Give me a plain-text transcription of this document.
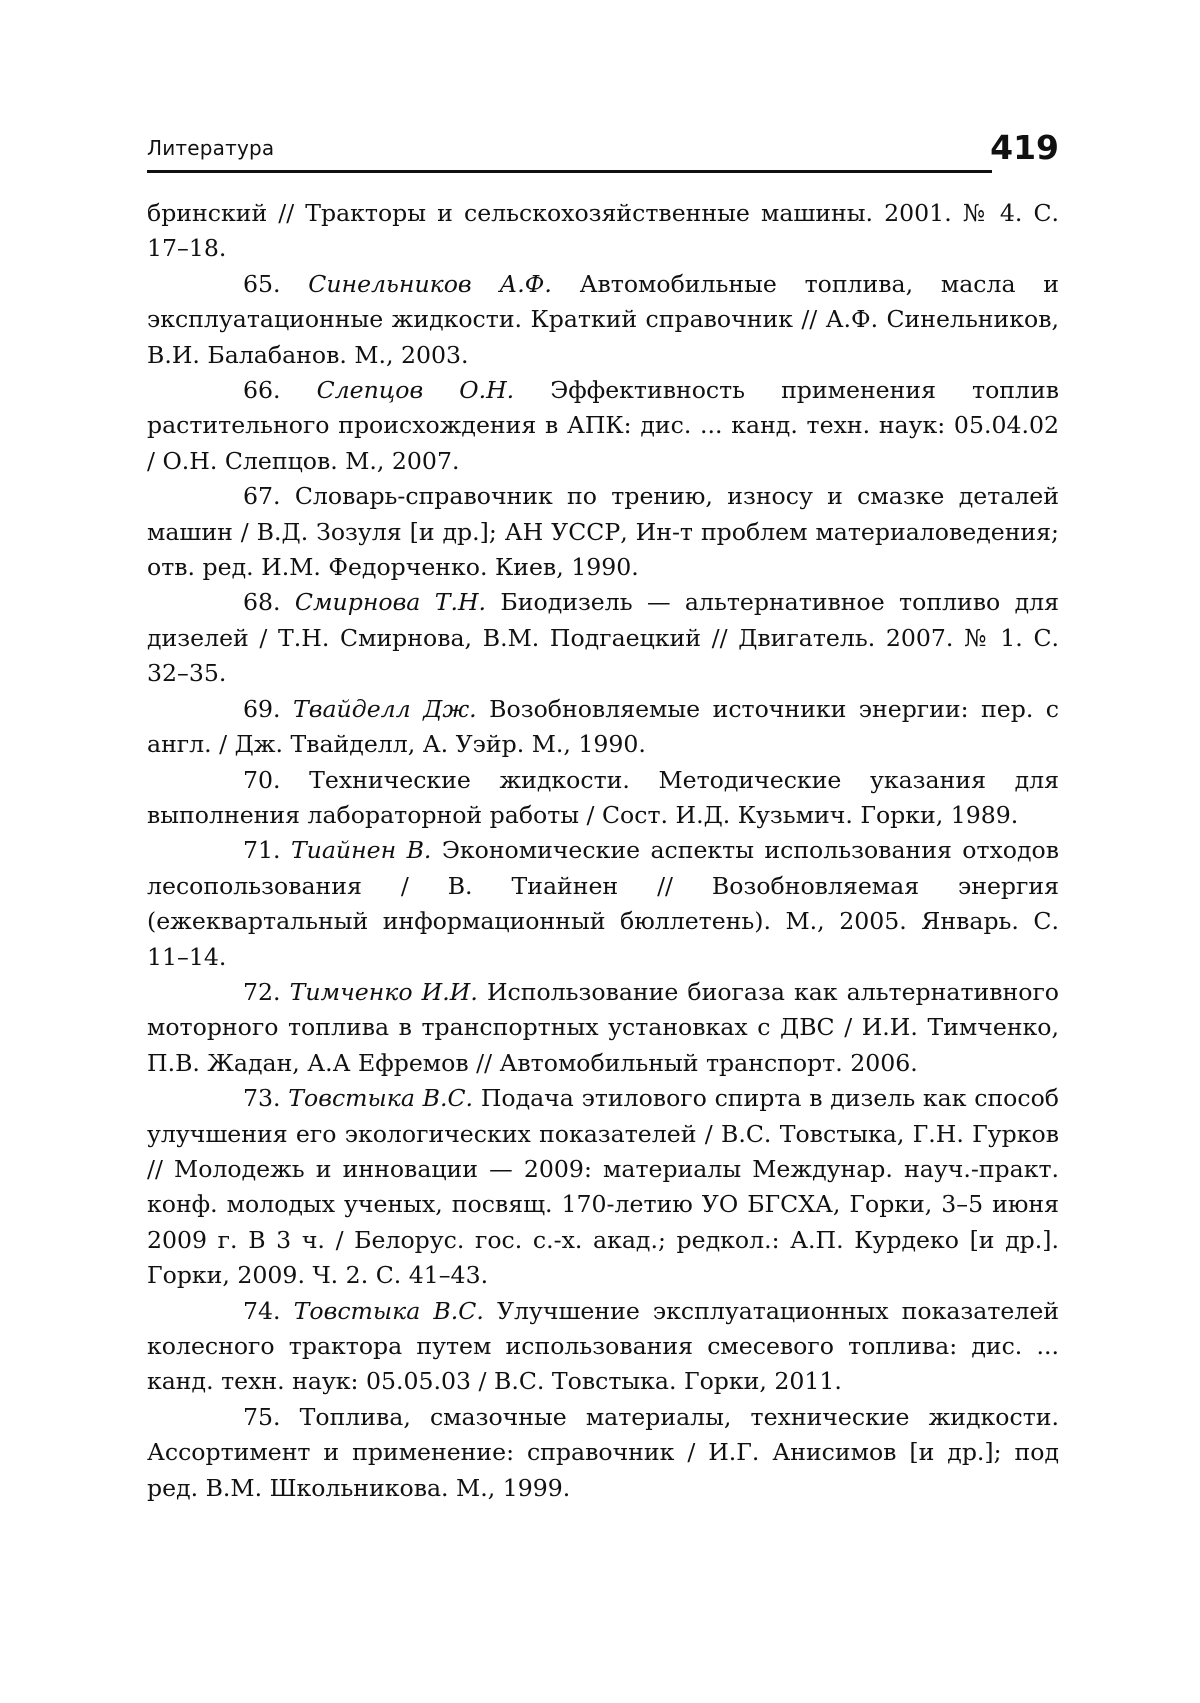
Литература	419

бринский // Тракторы и сельскохозяйственные машины. 2001. № 4. С. 17–18.

65. Синельников А.Ф. Автомобильные топлива, масла и эксплуатационные жидкости. Краткий справочник // А.Ф. Синельников, В.И. Балабанов. М., 2003.

66. Слепцов О.Н. Эффективность применения топлив растительного происхождения в АПК: дис. ... канд. техн. наук: 05.04.02 / О.Н. Слепцов. М., 2007.

67. Словарь-справочник по трению, износу и смазке деталей машин / В.Д. Зозуля [и др.]; АН УССР, Ин-т проблем материаловедения; отв. ред. И.М. Федорченко. Киев, 1990.

68. Смирнова Т.Н. Биодизель — альтернативное топливо для дизелей / Т.Н. Смирнова, В.М. Подгаецкий // Двигатель. 2007. № 1. С. 32–35.

69. Твайделл Дж. Возобновляемые источники энергии: пер. с англ. / Дж. Твайделл, А. Уэйр. М., 1990.

70. Технические жидкости. Методические указания для выполнения лабораторной работы / Сост. И.Д. Кузьмич. Горки, 1989.

71. Тиайнен В. Экономические аспекты использования отходов лесопользования / В. Тиайнен // Возобновляемая энергия (ежеквартальный информационный бюллетень). М., 2005. Январь. С. 11–14.

72. Тимченко И.И. Использование биогаза как альтернативного моторного топлива в транспортных установках с ДВС / И.И. Тимченко, П.В. Жадан, А.А Ефремов // Автомобильный транспорт. 2006.

73. Товстыка В.С. Подача этилового спирта в дизель как способ улучшения его экологических показателей / В.С. Товстыка, Г.Н. Гурков // Молодежь и инновации — 2009: материалы Междунар. науч.-практ. конф. молодых ученых, посвящ. 170-летию УО БГСХА, Горки, 3–5 июня 2009 г. В 3 ч. / Белорус. гос. с.-х. акад.; редкол.: А.П. Курдеко [и др.]. Горки, 2009. Ч. 2. С. 41–43.

74. Товстыка В.С. Улучшение эксплуатационных показателей колесного трактора путем использования смесевого топлива: дис. ... канд. техн. наук: 05.05.03 / В.С. Товстыка. Горки, 2011.

75. Топлива, смазочные материалы, технические жидкости. Ассортимент и применение: справочник / И.Г. Анисимов [и др.]; под ред. В.М. Школьникова. М., 1999.
